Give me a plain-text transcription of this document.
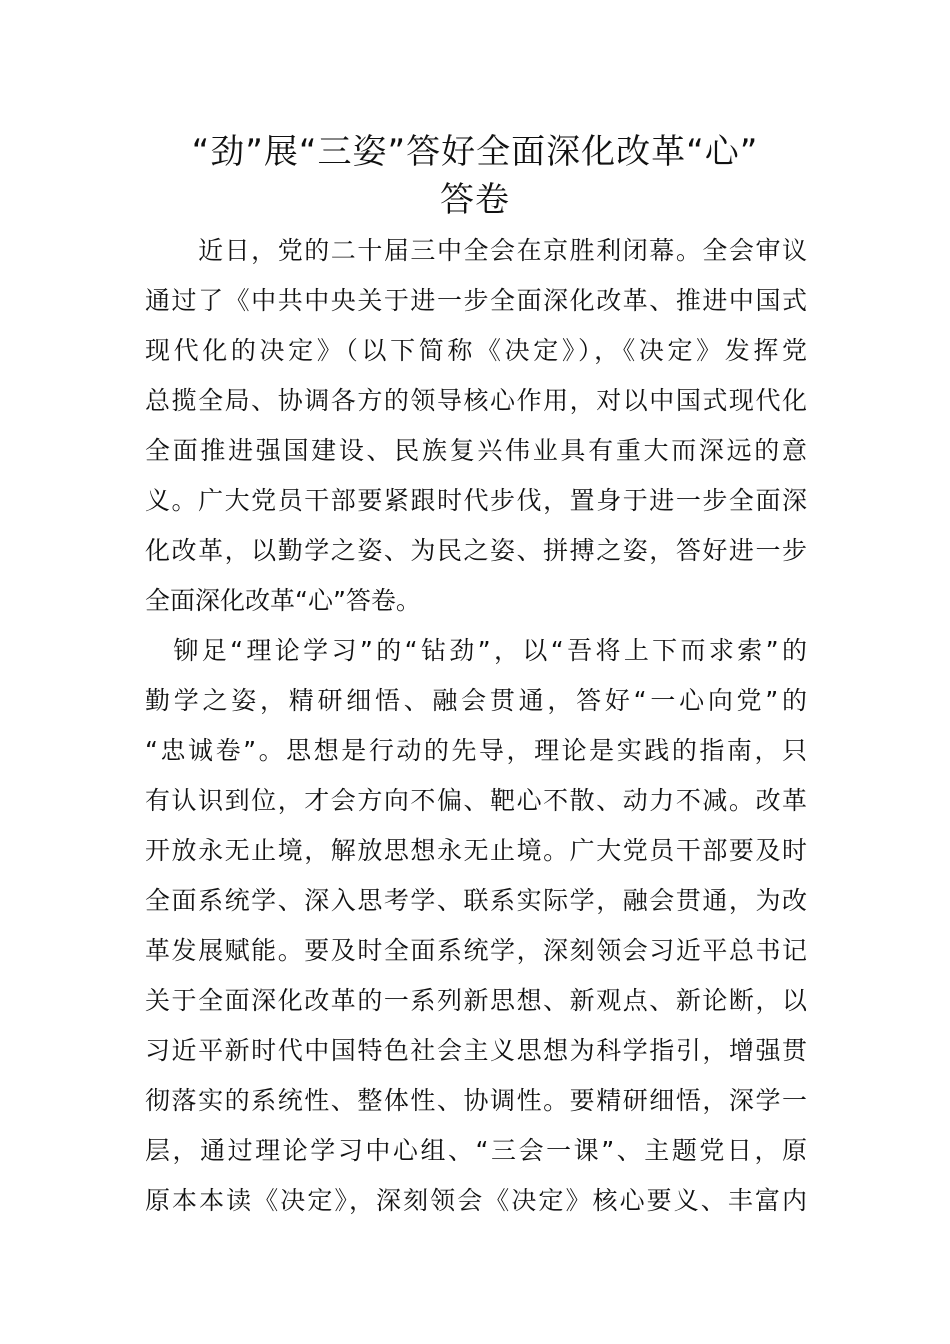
“劲”展“三姿”答好全面深化改革“心”
答卷

　　近日，党的二十届三中全会在京胜利闭幕。全会审议
通过了《中共中央关于进一步全面深化改革、推进中国式
现代化的决定》（以下简称《决定》），《决定》发挥党
总揽全局、协调各方的领导核心作用，对以中国式现代化
全面推进强国建设、民族复兴伟业具有重大而深远的意
义。广大党员干部要紧跟时代步伐，置身于进一步全面深
化改革，以勤学之姿、为民之姿、拼搏之姿，答好进一步
全面深化改革“心”答卷。

　铆足“理论学习”的“钻劲”，以“吾将上下而求索”的
勤学之姿，精研细悟、融会贯通，答好“一心向党”的
“忠诚卷”。思想是行动的先导，理论是实践的指南，只
有认识到位，才会方向不偏、靶心不散、动力不减。改革
开放永无止境，解放思想永无止境。广大党员干部要及时
全面系统学、深入思考学、联系实际学，融会贯通，为改
革发展赋能。要及时全面系统学，深刻领会习近平总书记
关于全面深化改革的一系列新思想、新观点、新论断，以
习近平新时代中国特色社会主义思想为科学指引，增强贯
彻落实的系统性、整体性、协调性。要精研细悟，深学一
层，通过理论学习中心组、“三会一课”、主题党日，原
原本本读《决定》，深刻领会《决定》核心要义、丰富内
